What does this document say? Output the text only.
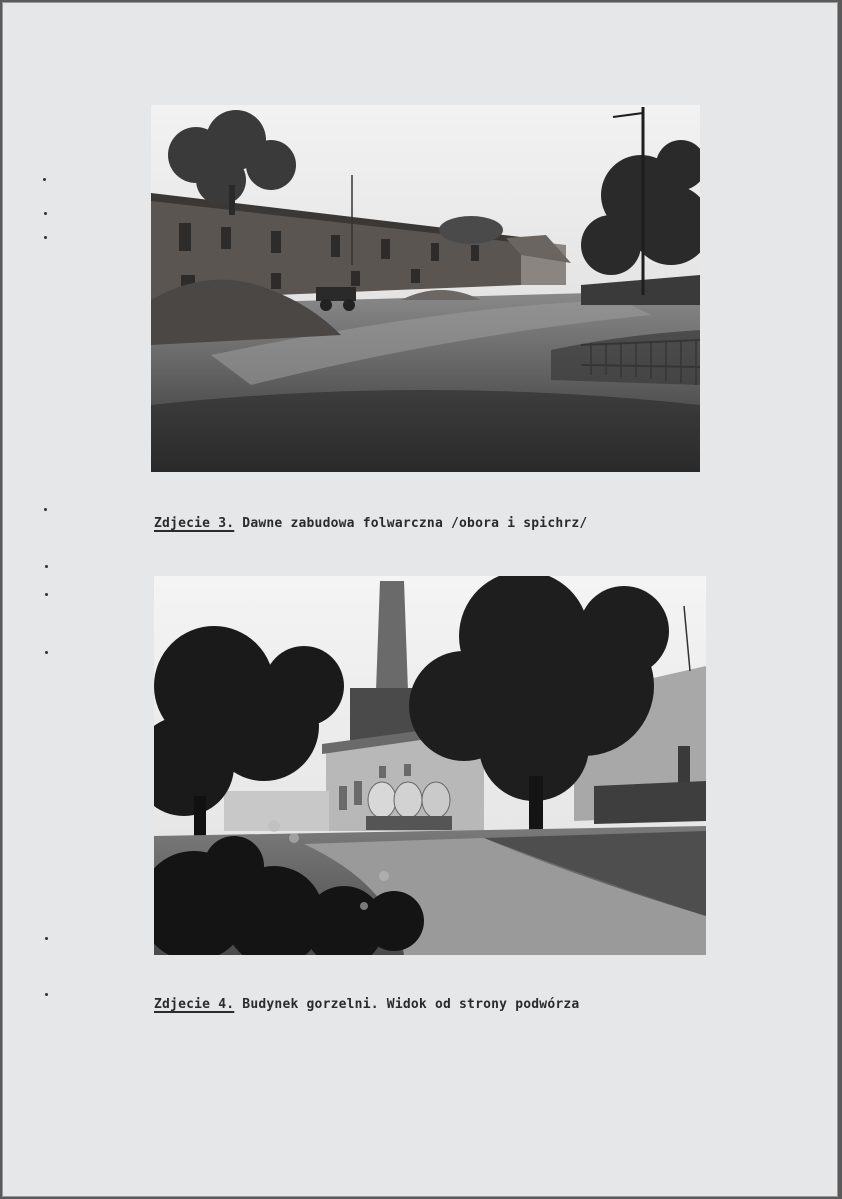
Zdjecie 3. Dawne zabudowa folwarczna /obora i spichrz/
Zdjecie 4. Budynek gorzelni. Widok od strony podwórza
